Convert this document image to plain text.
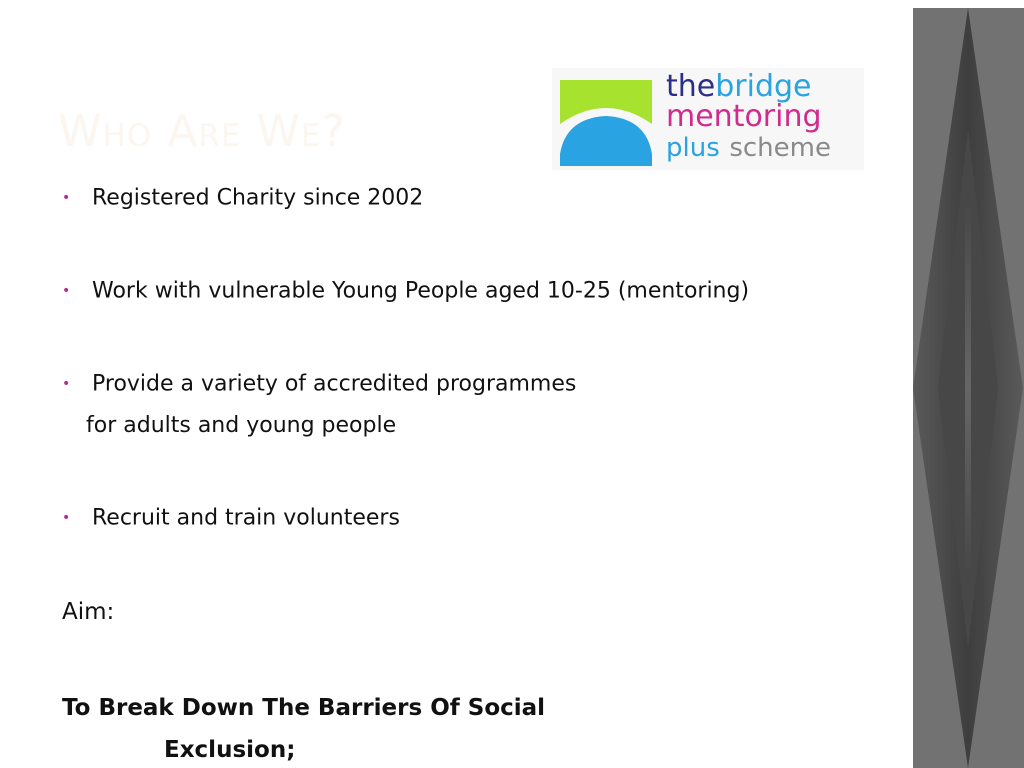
Who Are We?
thebridge
mentoring
plus scheme
• Registered Charity since 2002
• Work with vulnerable Young People aged 10-25 (mentoring)
• Provide a variety of accredited programmes
for adults and young people
• Recruit and train volunteers
Aim:
To Break Down The Barriers Of Social
Exclusion;
